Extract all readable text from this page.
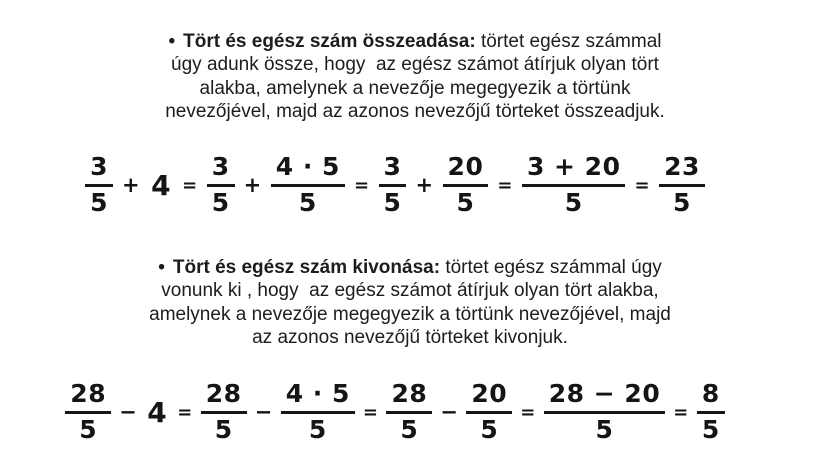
• Tört és egész szám összeadása: törtet egész számmal úgy adunk össze, hogy  az egész számot átírjuk olyan tört alakba, amelynek a nevezője megegyezik a törtünk nevezőjével, majd az azonos nevezőjű törteket összeadjuk.

$\frac{3}{5} + 4 = \frac{3}{5} + \frac{4 \cdot 5}{5} = \frac{3}{5} + \frac{20}{5} = \frac{3 + 20}{5} = \frac{23}{5}$

• Tört és egész szám kivonása: törtet egész számmal úgy vonunk ki , hogy  az egész számot átírjuk olyan tört alakba, amelynek a nevezője megegyezik a törtünk nevezőjével, majd az azonos nevezőjű törteket kivonjuk.

$\frac{28}{5} - 4 = \frac{28}{5} - \frac{4 \cdot 5}{5} = \frac{28}{5} - \frac{20}{5} = \frac{28 - 20}{5} = \frac{8}{5}$
